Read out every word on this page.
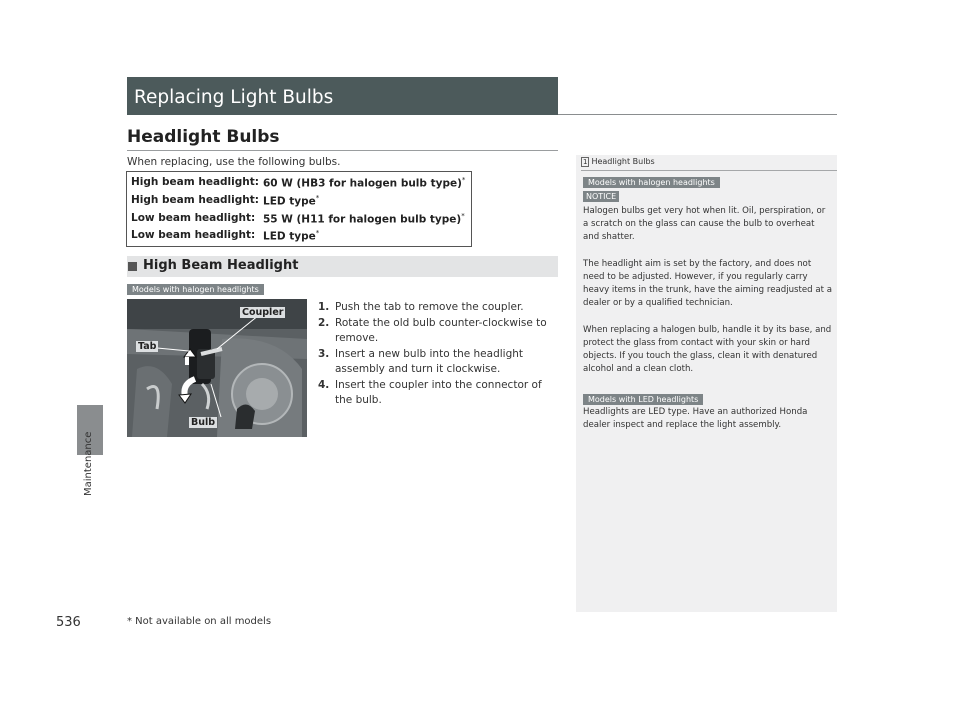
Maintenance
Replacing Light Bulbs
Headlight Bulbs
When replacing, use the following bulbs.
High beam headlight: 60 W (HB3 for halogen bulb type)*
High beam headlight: LED type*
Low beam headlight: 55 W (H11 for halogen bulb type)*
Low beam headlight: LED type*
High Beam Headlight
Models with halogen headlights
Coupler
Tab
Bulb
1. Push the tab to remove the coupler.
2. Rotate the old bulb counter-clockwise to remove.
3. Insert a new bulb into the headlight assembly and turn it clockwise.
4. Insert the coupler into the connector of the bulb.
1 Headlight Bulbs
Models with halogen headlights
NOTICE
Halogen bulbs get very hot when lit. Oil, perspiration, or a scratch on the glass can cause the bulb to overheat and shatter.
The headlight aim is set by the factory, and does not need to be adjusted. However, if you regularly carry heavy items in the trunk, have the aiming readjusted at a dealer or by a qualified technician.
When replacing a halogen bulb, handle it by its base, and protect the glass from contact with your skin or hard objects. If you touch the glass, clean it with denatured alcohol and a clean cloth.
Models with LED headlights
Headlights are LED type. Have an authorized Honda dealer inspect and replace the light assembly.
536	* Not available on all models
